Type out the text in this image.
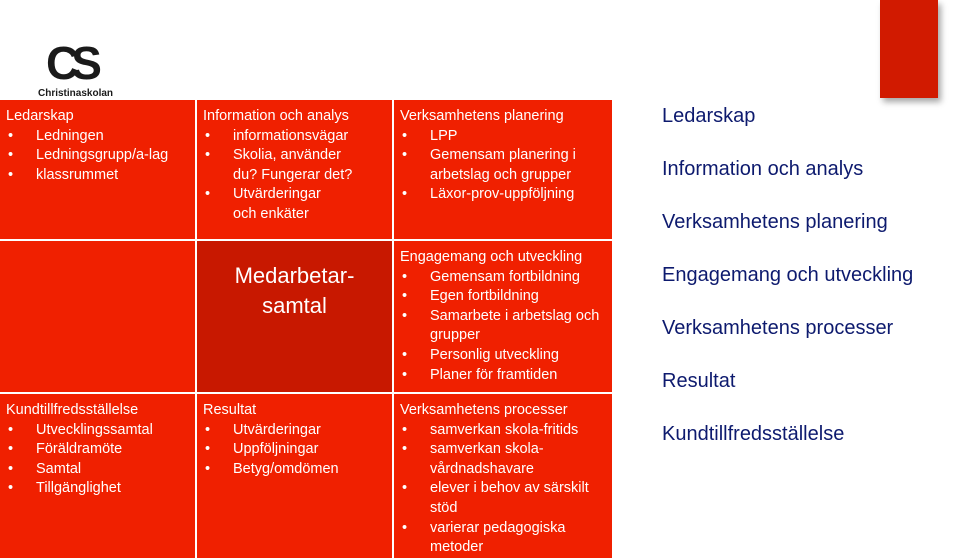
CS
Christinaskolan
Ledarskap
• Ledningen
• Ledningsgrupp/a-lag
• klassrummet
Information och analys
• informationsvägar
• Skolia, använder du? Fungerar det?
• Utvärderingar och enkäter
Verksamhetens planering
• LPP
• Gemensam planering i arbetslag och grupper
• Läxor-prov-uppföljning
Medarbetar-
samtal
Engagemang och utveckling
• Gemensam fortbildning
• Egen fortbildning
• Samarbete i arbetslag och grupper
• Personlig utveckling
• Planer för framtiden
Kundtillfredsställelse
• Utvecklingssamtal
• Föräldramöte
• Samtal
• Tillgänglighet
Resultat
• Utvärderingar
• Uppföljningar
• Betyg/omdömen
Verksamhetens processer
• samverkan skola-fritids
• samverkan skola-vårdnadshavare
• elever i behov av särskilt stöd
• varierar pedagogiska metoder
Ledarskap
Information och analys
Verksamhetens planering
Engagemang och utveckling
Verksamhetens processer
Resultat
Kundtillfredsställelse
